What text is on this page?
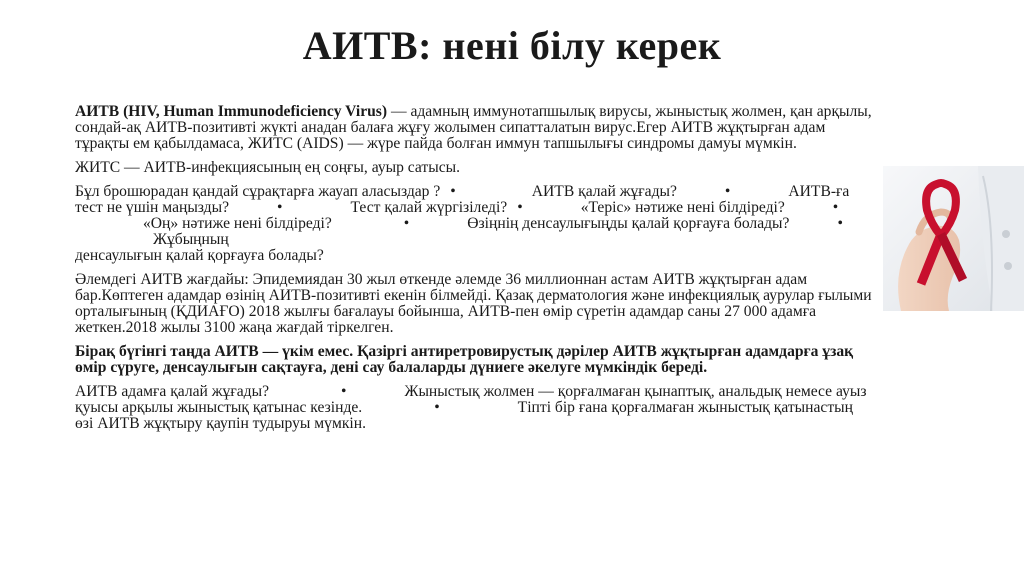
АИТВ: нені білу керек

АИТВ (HIV, Human Immunodeficiency Virus) — адамның иммунотапшылық вирусы, жыныстық жолмен, қан арқылы, сондай-ақ АИТВ-позитивті жүкті анадан балаға жұғу жолымен сипатталатын вирус.Егер АИТВ жұқтырған адам тұрақты ем қабылдамаса, ЖИТС (AIDS) — жүре пайда болған иммун тапшылығы синдромы дамуы мүмкін.

ЖИТС — АИТВ-инфекциясының ең соңғы, ауыр сатысы.

Бұл брошюрадан қандай сұрақтарға жауап аласыздар ? •	АИТВ қалай жұғады?	•	АИТВ-ға тест не үшін маңызды?	•	Тест қалай жүргізіледі? •	«Теріс» нәтиже нені білдіреді?	•«Оң» нәтиже нені білдіреді?	•	Өзіңнің денсаулығыңды қалай қорғауға болады?	•Жұбыңның
денсаулығын қалай қорғауға болады?

Әлемдегі АИТВ жағдайы: Эпидемиядан 30 жыл өткенде әлемде 36 миллионнан астам АИТВ жұқтырған адам бар.Көптеген адамдар өзінің АИТВ-позитивті екенін білмейді. Қазақ дерматология және инфекциялық аурулар ғылыми орталығының (ҚДИАҒО) 2018 жылғы бағалауы бойынша, АИТВ-пен өмір сүретін адамдар саны 27 000 адамға жеткен.2018 жылы 3100 жаңа жағдай тіркелген.

Бірақ бүгінгі таңда АИТВ — үкім емес. Қазіргі антиретровирустық дәрілер АИТВ жұқтырған адамдарға ұзақ өмір сүруге, денсаулығын сақтауға, дені сау балаларды дүниеге әкелуге мүмкіндік береді.

АИТВ адамға қалай жұғады?	•	Жыныстық жолмен — қорғалмаған қынаптық, анальдық немесе ауыз қуысы арқылы жыныстық қатынас кезінде.	•	Тіпті бір ғана қорғалмаған жыныстық қатынастың өзі АИТВ жұқтыру қаупін тудыруы мүмкін.
